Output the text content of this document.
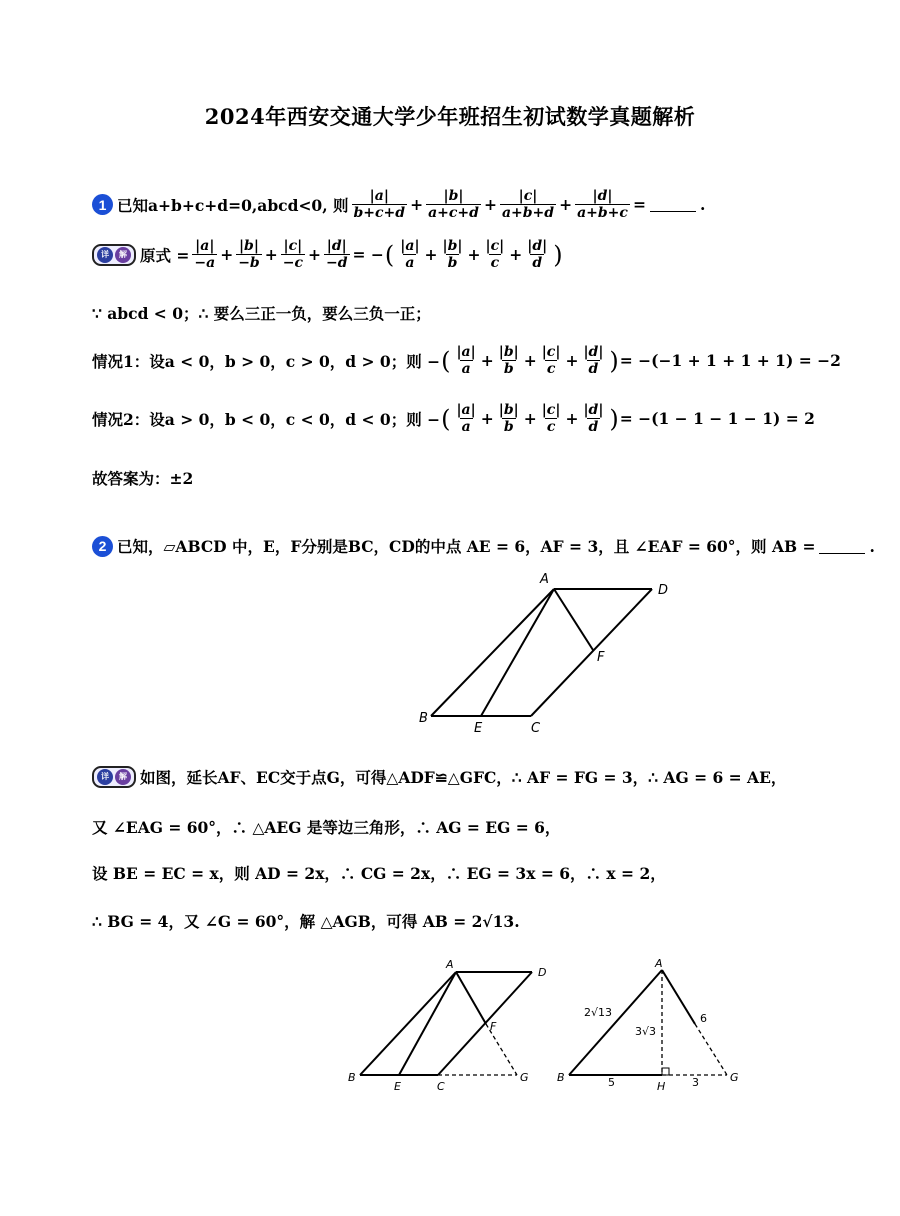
2024年西安交通大学少年班招生初试数学真题解析
1 已知a+b+c+d=0,abcd<0, 则 $\frac{|a|}{b+c+d} + \frac{|b|}{a+c+d} + \frac{|c|}{a+b+d} + \frac{|d|}{a+b+c}$ =	.
详	解 原式 = $\frac{|a|}{-a} + \frac{|b|}{-b} + \frac{|c|}{-c} + \frac{|d|}{-d}$ = − ( $\frac{|a|}{a} + \frac{|b|}{b} + \frac{|c|}{c} + \frac{|d|}{d}$ )
∵ abcd < 0；∴ 要么三正一负，要么三负一正；
情况1：设a < 0，b > 0，c > 0，d > 0；则 − ( $\frac{|a|}{a} + \frac{|b|}{b} + \frac{|c|}{c} + \frac{|d|}{d}$ ) = −(−1 + 1 + 1 + 1) = −2
情况2：设a > 0，b < 0，c < 0，d < 0；则 − ( $\frac{|a|}{a} + \frac{|b|}{b} + \frac{|c|}{c} + \frac{|d|}{d}$ ) = −(1 − 1 − 1 − 1) = 2
故答案为：±2
2 已知，▱ABCD 中，E，F分别是BC，CD的中点 AE = 6，AF = 3，且 ∠EAF = 60°，则 AB =	.
A
D
F
B
E	C
A
D
F
B
E	C
G
A
B
H
G
2√13
3√3
6
5	3
详	解 如图，延长AF、EC交于点G，可得△ADF≌△GFC，∴ AF = FG = 3，∴ AG = 6 = AE，
又 ∠EAG = 60°，∴ △AEG 是等边三角形，∴ AG = EG = 6，
设 BE = EC = x，则 AD = 2x，∴ CG = 2x，∴ EG = 3x = 6，∴ x = 2，
∴ BG = 4，又 ∠G = 60°，解 △AGB，可得 AB = 2√13.
